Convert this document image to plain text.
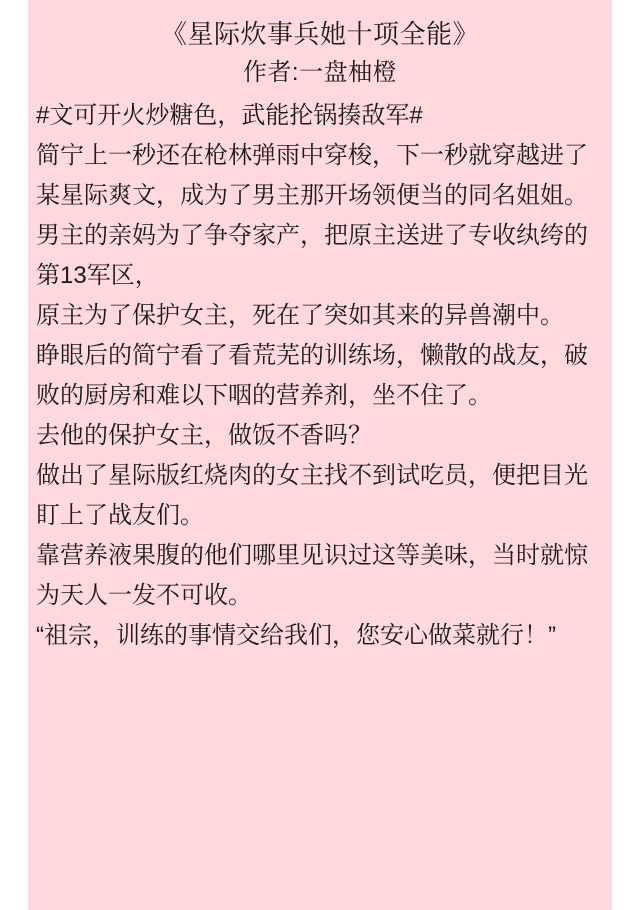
《星际炊事兵她十项全能》
作者:一盘柚橙
#文可开火炒糖色，武能抡锅揍敌军#
简宁上一秒还在枪林弹雨中穿梭，下一秒就穿越进了某星际爽文，成为了男主那开场领便当的同名姐姐。
男主的亲妈为了争夺家产，把原主送进了专收纨绔的第13军区，
原主为了保护女主，死在了突如其来的异兽潮中。
睁眼后的简宁看了看荒芜的训练场，懒散的战友，破败的厨房和难以下咽的营养剂，坐不住了。
去他的保护女主，做饭不香吗？
做出了星际版红烧肉的女主找不到试吃员，便把目光盯上了战友们。
靠营养液果腹的他们哪里见识过这等美味，当时就惊为天人一发不可收。
“祖宗，训练的事情交给我们，您安心做菜就行！”
